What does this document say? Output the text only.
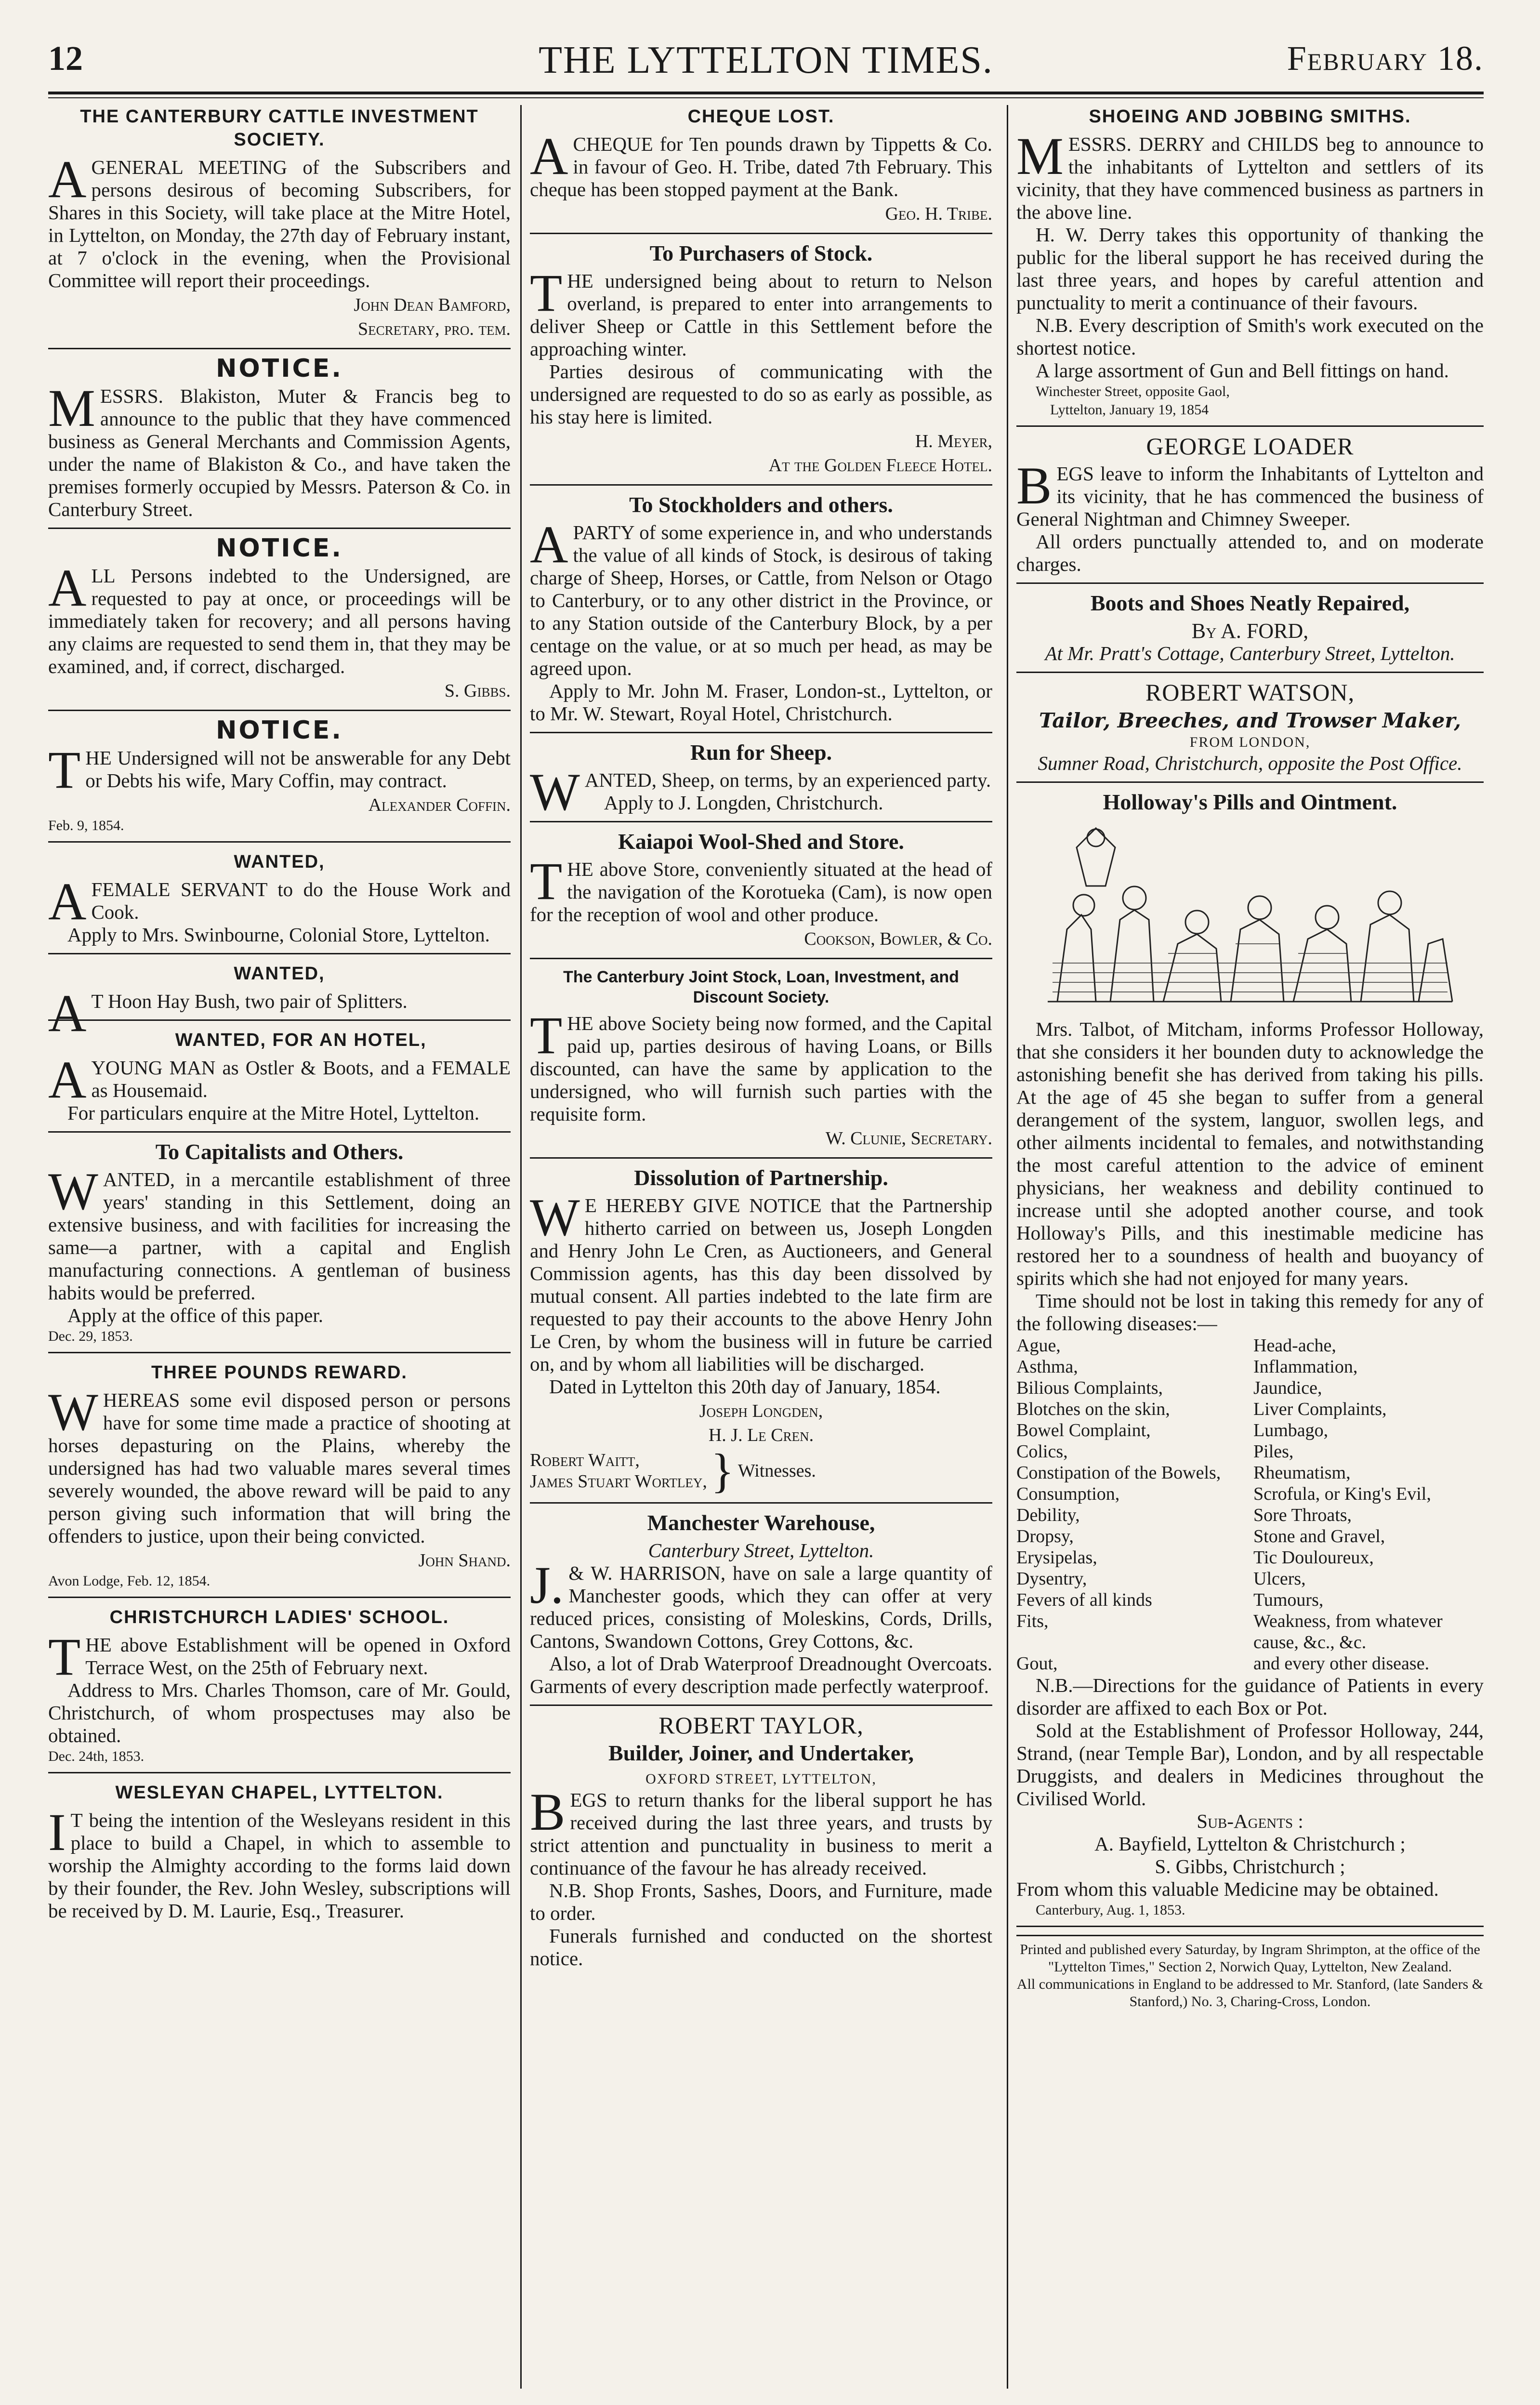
12	THE LYTTELTON TIMES.	February 18.
THE CANTERBURY CATTLE INVESTMENT SOCIETY.

AGENERAL MEETING of the Subscribers and persons desirous of becoming Subscribers, for Shares in this Society, will take place at the Mitre Hotel, in Lyttelton, on Monday, the 27th day of February instant, at 7 o'clock in the evening, when the Provisional Committee will report their proceedings.

John Dean Bamford,
Secretary, pro. tem.
NOTICE.

MESSRS. Blakiston, Muter & Francis beg to announce to the public that they have commenced business as General Merchants and Commission Agents, under the name of Blakiston & Co., and have taken the premises formerly occupied by Messrs. Paterson & Co. in Canterbury Street.

NOTICE.

ALL Persons indebted to the Undersigned, are requested to pay at once, or proceedings will be immediately taken for recovery; and all persons having any claims are requested to send them in, that they may be examined, and, if correct, discharged.

S. Gibbs.
NOTICE.

THE Undersigned will not be answerable for any Debt or Debts his wife, Mary Coffin, may contract.

Alexander Coffin.
Feb. 9, 1854.
WANTED,

AFEMALE SERVANT to do the House Work and Cook.

Apply to Mrs. Swinbourne, Colonial Store, Lyttelton.

WANTED,

AT Hoon Hay Bush, two pair of Splitters.

WANTED, FOR AN HOTEL,

AYOUNG MAN as Ostler & Boots, and a FEMALE as Housemaid.

For particulars enquire at the Mitre Hotel, Lyttelton.

To Capitalists and Others.

WANTED, in a mercantile establishment of three years' standing in this Settlement, doing an extensive business, and with facilities for increasing the same—a partner, with a capital and English manufacturing connections. A gentleman of business habits would be preferred.

Apply at the office of this paper.

Dec. 29, 1853.
THREE POUNDS REWARD.

WHEREAS some evil disposed person or persons have for some time made a practice of shooting at horses depasturing on the Plains, whereby the undersigned has had two valuable mares several times severely wounded, the above reward will be paid to any person giving such information that will bring the offenders to justice, upon their being convicted.

John Shand.
Avon Lodge, Feb. 12, 1854.
CHRISTCHURCH LADIES' SCHOOL.

THE above Establishment will be opened in Oxford Terrace West, on the 25th of February next.

Address to Mrs. Charles Thomson, care of Mr. Gould, Christchurch, of whom prospectuses may also be obtained.

Dec. 24th, 1853.
WESLEYAN CHAPEL, LYTTELTON.

IT being the intention of the Wesleyans resident in this place to build a Chapel, in which to assemble to worship the Almighty according to the forms laid down by their founder, the Rev. John Wesley, subscriptions will be received by D. M. Laurie, Esq., Treasurer.

CHEQUE LOST.

ACHEQUE for Ten pounds drawn by Tippetts & Co. in favour of Geo. H. Tribe, dated 7th February. This cheque has been stopped payment at the Bank.

Geo. H. Tribe.
To Purchasers of Stock.

THE undersigned being about to return to Nelson overland, is prepared to enter into arrangements to deliver Sheep or Cattle in this Settlement before the approaching winter.

Parties desirous of communicating with the undersigned are requested to do so as early as possible, as his stay here is limited.

H. Meyer,
At the Golden Fleece Hotel.
To Stockholders and others.

APARTY of some experience in, and who understands the value of all kinds of Stock, is desirous of taking charge of Sheep, Horses, or Cattle, from Nelson or Otago to Canterbury, or to any other district in the Province, or to any Station outside of the Canterbury Block, by a per centage on the value, or at so much per head, as may be agreed upon.

Apply to Mr. John M. Fraser, London-st., Lyttelton, or to Mr. W. Stewart, Royal Hotel, Christchurch.

Run for Sheep.

WANTED, Sheep, on terms, by an experienced party.

Apply to J. Longden, Christchurch.

Kaiapoi Wool-Shed and Store.

THE above Store, conveniently situated at the head of the navigation of the Korotueka (Cam), is now open for the reception of wool and other produce.

Cookson, Bowler, & Co.
The Canterbury Joint Stock, Loan, Investment, and Discount Society.

THE above Society being now formed, and the Capital paid up, parties desirous of having Loans, or Bills discounted, can have the same by application to the undersigned, who will furnish such parties with the requisite form.

W. Clunie, Secretary.
Dissolution of Partnership.

WE HEREBY GIVE NOTICE that the Partnership hitherto carried on between us, Joseph Longden and Henry John Le Cren, as Auctioneers, and General Commission agents, has this day been dissolved by mutual consent. All parties indebted to the late firm are requested to pay their accounts to the above Henry John Le Cren, by whom the business will in future be carried on, and by whom all liabilities will be discharged.

Dated in Lyttelton this 20th day of January, 1854.

Joseph Longden,
H. J. Le Cren.
Robert Waitt,
James Stuart Wortley, } Witnesses.
Manchester Warehouse,

Canterbury Street, Lyttelton.

J.& W. HARRISON, have on sale a large quantity of Manchester goods, which they can offer at very reduced prices, consisting of Moleskins, Cords, Drills, Cantons, Swandown Cottons, Grey Cottons, &c.

Also, a lot of Drab Waterproof Dreadnought Overcoats. Garments of every description made perfectly waterproof.

ROBERT TAYLOR,
Builder, Joiner, and Undertaker,
OXFORD STREET, LYTTELTON,

BEGS to return thanks for the liberal support he has received during the last three years, and trusts by strict attention and punctuality in business to merit a continuance of the favour he has already received.

N.B. Shop Fronts, Sashes, Doors, and Furniture, made to order.

Funerals furnished and conducted on the shortest notice.

SHOEING AND JOBBING SMITHS.

MESSRS. DERRY and CHILDS beg to announce to the inhabitants of Lyttelton and settlers of its vicinity, that they have commenced business as partners in the above line.

H. W. Derry takes this opportunity of thanking the public for the liberal support he has received during the last three years, and hopes by careful attention and punctuality to merit a continuance of their favours.

N.B. Every description of Smith's work executed on the shortest notice.

A large assortment of Gun and Bell fittings on hand.

Winchester Street, opposite Gaol,
Lyttelton, January 19, 1854
GEORGE LOADER

BEGS leave to inform the Inhabitants of Lyttelton and its vicinity, that he has commenced the business of General Nightman and Chimney Sweeper.

All orders punctually attended to, and on moderate charges.

Boots and Shoes Neatly Repaired,

By A. FORD,

At Mr. Pratt's Cottage, Canterbury Street, Lyttelton.

ROBERT WATSON,
Tailor, Breeches, and Trowser Maker,
FROM LONDON,

Sumner Road, Christchurch, opposite the Post Office.

Holloway's Pills and Ointment.

Mrs. Talbot, of Mitcham, informs Professor Holloway, that she considers it her bounden duty to acknowledge the astonishing benefit she has derived from taking his pills. At the age of 45 she began to suffer from a general derangement of the system, languor, swollen legs, and other ailments incidental to females, and notwithstanding the most careful attention to the advice of eminent physicians, her weakness and debility continued to increase until she adopted another course, and took Holloway's Pills, and this inestimable medicine has restored her to a soundness of health and buoyancy of spirits which she had not enjoyed for many years.

Time should not be lost in taking this remedy for any of the following diseases:—

Ague,	Head-ache,
Asthma,	Inflammation,
Bilious Complaints,	Jaundice,
Blotches on the skin,	Liver Complaints,
Bowel Complaint,	Lumbago,
Colics,	Piles,
Constipation of the Bowels,	Rheumatism,
Consumption,	Scrofula, or King's Evil,
Debility,	Sore Throats,
Dropsy,	Stone and Gravel,
Erysipelas,	Tic Douloureux,
Dysentry,	Ulcers,
Fevers of all kinds	Tumours,
Fits,	Weakness, from whatever cause, &c., &c.
Gout,	and every other disease.

N.B.—Directions for the guidance of Patients in every disorder are affixed to each Box or Pot.

Sold at the Establishment of Professor Holloway, 244, Strand, (near Temple Bar), London, and by all respectable Druggists, and dealers in Medicines throughout the Civilised World.

Sub-Agents :

A. Bayfield, Lyttelton & Christchurch ;

S. Gibbs, Christchurch ;

From whom this valuable Medicine may be obtained.

Canterbury, Aug. 1, 1853.

Printed and published every Saturday, by Ingram Shrimpton, at the office of the "Lyttelton Times," Section 2, Norwich Quay, Lyttelton, New Zealand.

All communications in England to be addressed to Mr. Stanford, (late Sanders & Stanford,) No. 3, Charing-Cross, London.
